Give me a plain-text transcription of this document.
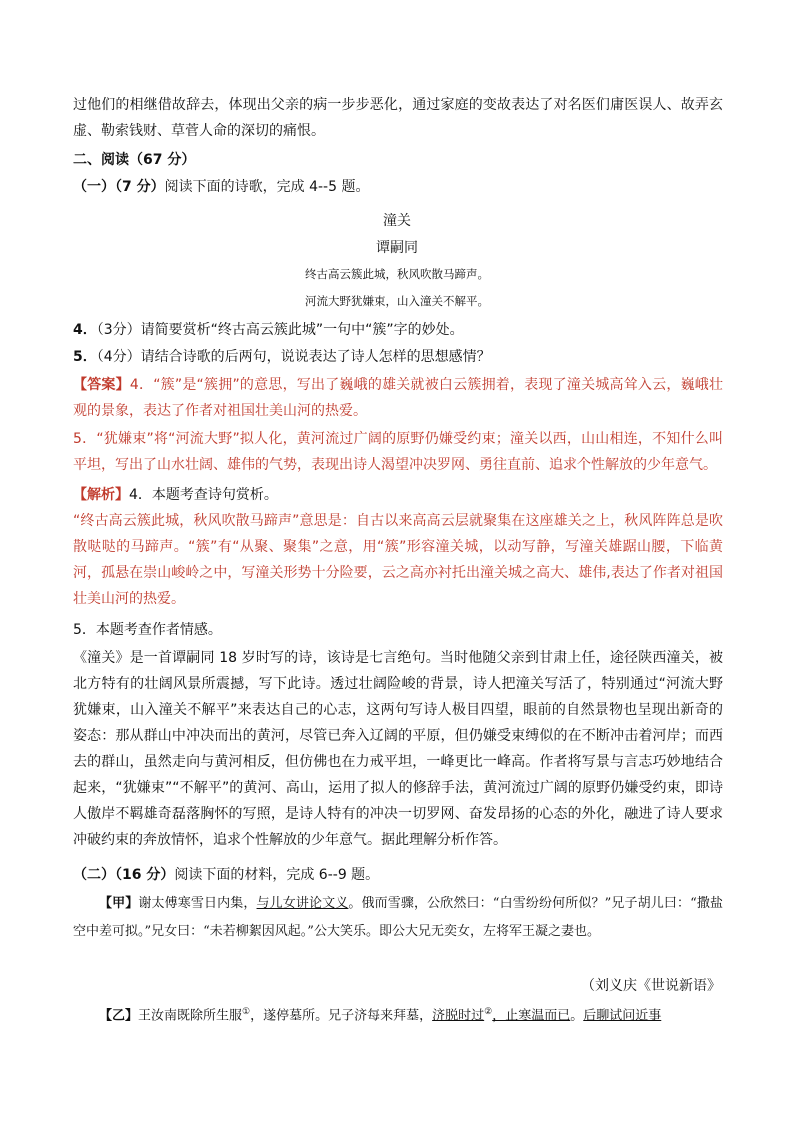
过他们的相继借故辞去，体现出父亲的病一步步恶化，通过家庭的变故表达了对名医们庸医误人、故弄玄虚、勒索钱财、草菅人命的深切的痛恨。

二、阅读（67 分）

（一）（7 分）阅读下面的诗歌，完成 4--5 题。

潼关

谭嗣同

终古高云簇此城，秋风吹散马蹄声。

河流大野犹嫌束，山入潼关不解平。

4．（3分）请简要赏析“终古高云簇此城”一句中“簇”字的妙处。

5．（4分）请结合诗歌的后两句，说说表达了诗人怎样的思想感情？

【答案】4．“簇”是“簇拥”的意思，写出了巍峨的雄关就被白云簇拥着，表现了潼关城高耸入云，巍峨壮观的景象，表达了作者对祖国壮美山河的热爱。

5．“犹嫌束”将“河流大野”拟人化，黄河流过广阔的原野仍嫌受约束；潼关以西，山山相连，不知什么叫平坦，写出了山水壮阔、雄伟的气势，表现出诗人渴望冲决罗网、勇往直前、追求个性解放的少年意气。

【解析】4．本题考查诗句赏析。

“终古高云簇此城，秋风吹散马蹄声”意思是：自古以来高高云层就聚集在这座雄关之上，秋风阵阵总是吹散哒哒的马蹄声。“簇”有“从聚、聚集”之意，用“簇”形容潼关城，以动写静，写潼关雄踞山腰，下临黄河，孤悬在崇山峻岭之中，写潼关形势十分险要，云之高亦衬托出潼关城之高大、雄伟,表达了作者对祖国壮美山河的热爱。

5．本题考查作者情感。

《潼关》是一首谭嗣同 18 岁时写的诗，该诗是七言绝句。当时他随父亲到甘肃上任，途径陕西潼关，被北方特有的壮阔风景所震撼，写下此诗。透过壮阔险峻的背景，诗人把潼关写活了，特别通过“河流大野犹嫌束，山入潼关不解平”来表达自己的心志，这两句写诗人极目四望，眼前的自然景物也呈现出新奇的姿态：那从群山中冲决而出的黄河，尽管已奔入辽阔的平原，但仍嫌受束缚似的在不断冲击着河岸；而西去的群山，虽然走向与黄河相反，但仿佛也在力戒平坦，一峰更比一峰高。作者将写景与言志巧妙地结合起来，“犹嫌束”“不解平”的黄河、高山，运用了拟人的修辞手法，黄河流过广阔的原野仍嫌受约束，即诗人傲岸不羁雄奇磊落胸怀的写照，是诗人特有的冲决一切罗网、奋发昂扬的心态的外化，融进了诗人要求冲破约束的奔放情怀，追求个性解放的少年意气。据此理解分析作答。

（二）（16 分）阅读下面的材料，完成 6--9 题。

【甲】谢太傅寒雪日内集，与儿女讲论文义。俄而雪骤，公欣然曰：“白雪纷纷何所似？”兄子胡儿曰：“撒盐空中差可拟。”兄女曰：“未若柳絮因风起。”公大笑乐。即公大兄无奕女，左将军王凝之妻也。

（刘义庆《世说新语》

【乙】王汝南既除所生服①，遂停墓所。兄子济每来拜墓，济脱时过②，止寒温而已。后聊试问近事
